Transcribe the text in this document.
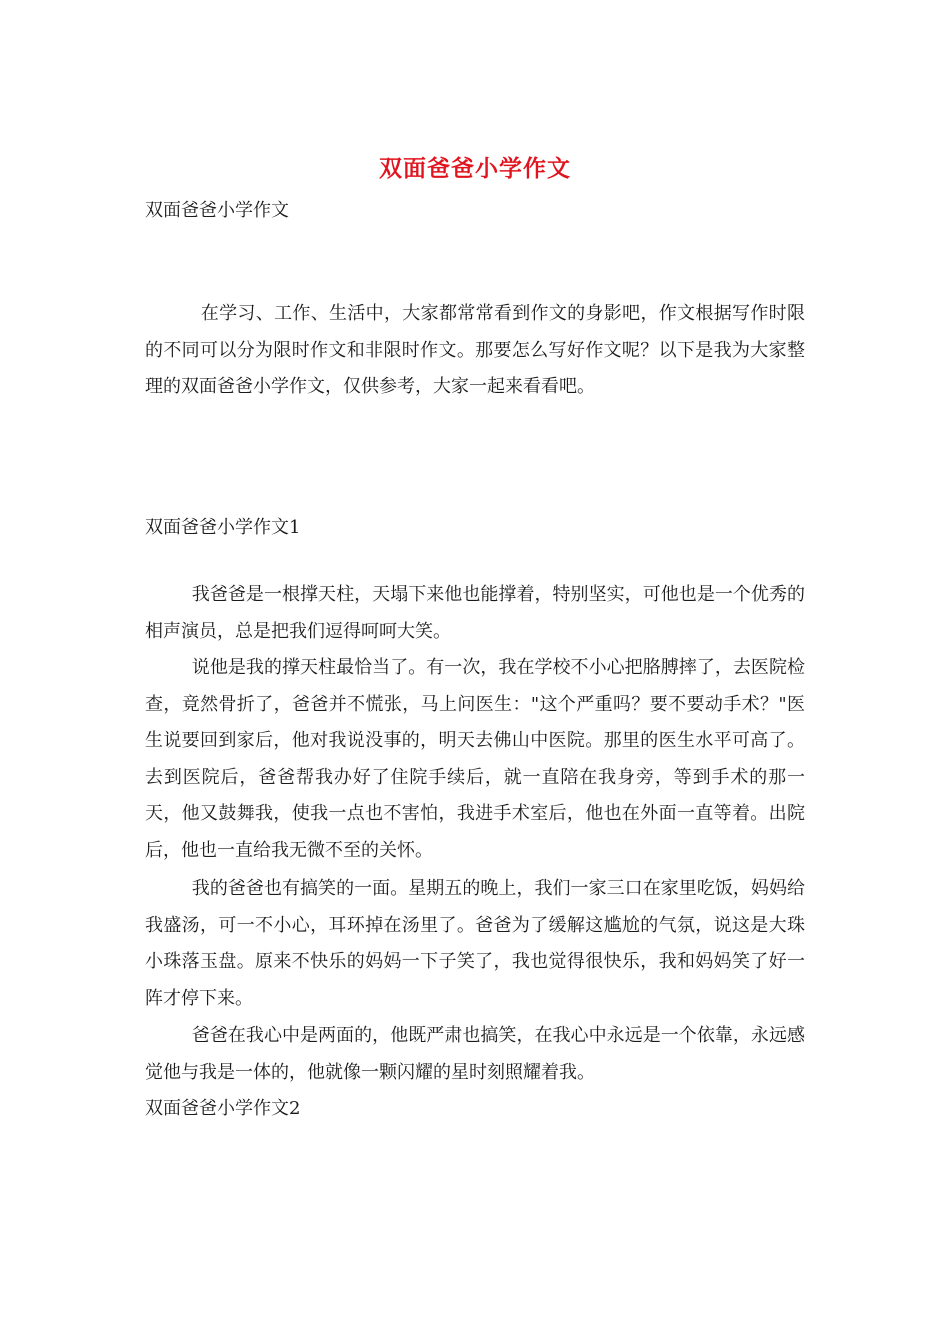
双面爸爸小学作文
双面爸爸小学作文

在学习、工作、生活中，大家都常常看到作文的身影吧，作文根据写作时限的不同可以分为限时作文和非限时作文。那要怎么写好作文呢？以下是我为大家整理的双面爸爸小学作文，仅供参考，大家一起来看看吧。

双面爸爸小学作文1

我爸爸是一根撑天柱，天塌下来他也能撑着，特别坚实，可他也是一个优秀的相声演员，总是把我们逗得呵呵大笑。

说他是我的撑天柱最恰当了。有一次，我在学校不小心把胳膊摔了，去医院检查，竟然骨折了，爸爸并不慌张，马上问医生："这个严重吗？要不要动手术？"医生说要回到家后，他对我说没事的，明天去佛山中医院。那里的医生水平可高了。去到医院后，爸爸帮我办好了住院手续后，就一直陪在我身旁，等到手术的那一天，他又鼓舞我，使我一点也不害怕，我进手术室后，他也在外面一直等着。出院后，他也一直给我无微不至的关怀。

我的爸爸也有搞笑的一面。星期五的晚上，我们一家三口在家里吃饭，妈妈给我盛汤，可一不小心，耳环掉在汤里了。爸爸为了缓解这尴尬的气氛，说这是大珠小珠落玉盘。原来不快乐的妈妈一下子笑了，我也觉得很快乐，我和妈妈笑了好一阵才停下来。

爸爸在我心中是两面的，他既严肃也搞笑，在我心中永远是一个依靠，永远感觉他与我是一体的，他就像一颗闪耀的星时刻照耀着我。

双面爸爸小学作文2
